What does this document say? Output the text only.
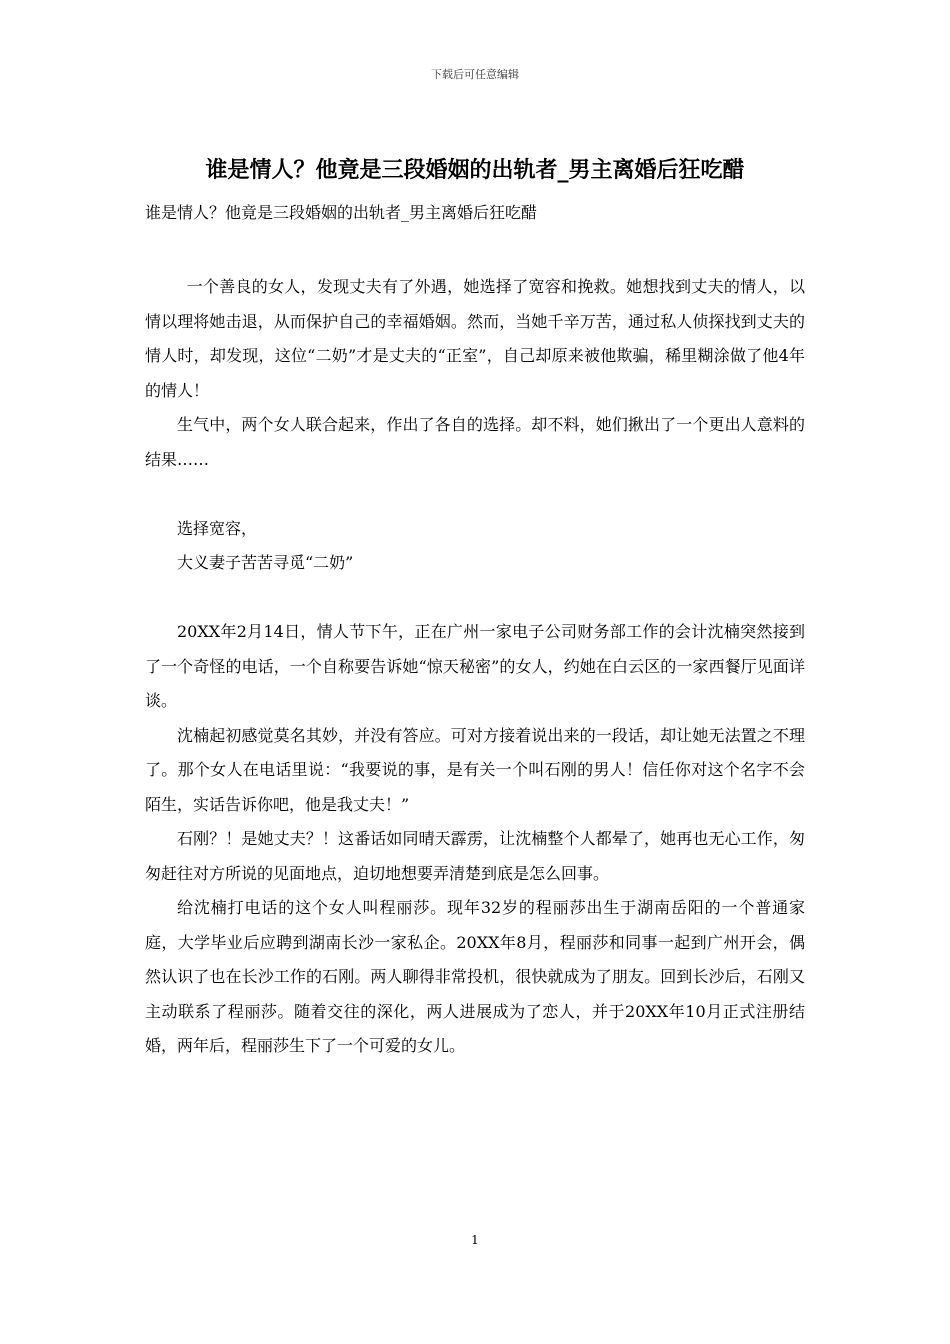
下载后可任意编辑
谁是情人？他竟是三段婚姻的出轨者_男主离婚后狂吃醋

谁是情人？他竟是三段婚姻的出轨者_男主离婚后狂吃醋

一个善良的女人，发现丈夫有了外遇，她选择了宽容和挽救。她想找到丈夫的情人，以情以理将她击退，从而保护自己的幸福婚姻。然而，当她千辛万苦，通过私人侦探找到丈夫的情人时，却发现，这位“二奶”才是丈夫的“正室”，自己却原来被他欺骗，稀里糊涂做了他4年的情人！

生气中，两个女人联合起来，作出了各自的选择。却不料，她们揪出了一个更出人意料的结果……

选择宽容，

大义妻子苦苦寻觅“二奶”

20XX年2月14日，情人节下午，正在广州一家电子公司财务部工作的会计沈楠突然接到了一个奇怪的电话，一个自称要告诉她“惊天秘密”的女人，约她在白云区的一家西餐厅见面详谈。

沈楠起初感觉莫名其妙，并没有答应。可对方接着说出来的一段话，却让她无法置之不理了。那个女人在电话里说：“我要说的事，是有关一个叫石刚的男人！信任你对这个名字不会陌生，实话告诉你吧，他是我丈夫！”

石刚？！是她丈夫？！这番话如同晴天霹雳，让沈楠整个人都晕了，她再也无心工作，匆匆赶往对方所说的见面地点，迫切地想要弄清楚到底是怎么回事。

给沈楠打电话的这个女人叫程丽莎。现年32岁的程丽莎出生于湖南岳阳的一个普通家庭，大学毕业后应聘到湖南长沙一家私企。20XX年8月，程丽莎和同事一起到广州开会，偶然认识了也在长沙工作的石刚。两人聊得非常投机，很快就成为了朋友。回到长沙后，石刚又主动联系了程丽莎。随着交往的深化，两人进展成为了恋人，并于20XX年10月正式注册结婚，两年后，程丽莎生下了一个可爱的女儿。

1
